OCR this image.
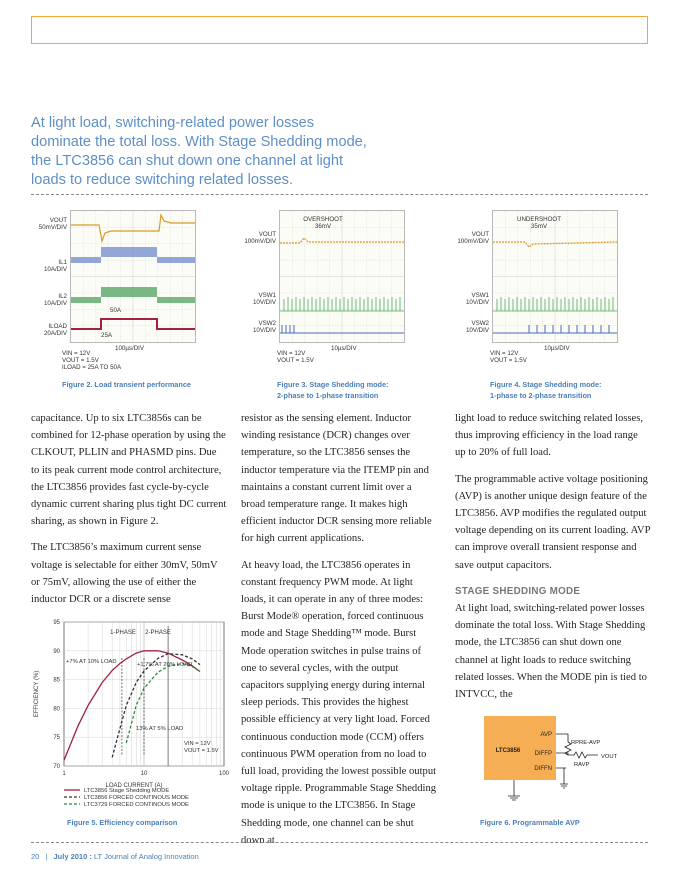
At light load, switching-related power losses dominate the total loss. With Stage Shedding mode, the LTC3856 can shut down one channel at light loads to reduce switching related losses.
VOUT
50mV/DIV
IL1
10A/DIV
IL2
10A/DIV
ILOAD
20A/DIV
50A
25A
100µs/DIV
VIN = 12V
VOUT = 1.5V
ILOAD = 25A TO 50A
Figure 2. Load transient performance
VOUT
100mV/DIV
VSW1
10V/DIV
VSW2
10V/DIV
OVERSHOOT
36mV
10µs/DIV
VIN = 12V
VOUT = 1.5V
Figure 3. Stage Shedding mode:
2-phase to 1-phase transition
VOUT
100mV/DIV
VSW1
10V/DIV
VSW2
10V/DIV
UNDERSHOOT
35mV
10µs/DIV
VIN = 12V
VOUT = 1.5V
Figure 4. Stage Shedding mode:
1-phase to 2-phase transition

capacitance. Up to six LTC3856s can be combined for 12-phase operation by using the CLKOUT, PLLIN and PHASMD pins. Due to its peak current mode control architecture, the LTC3856 provides fast cycle-by-cycle dynamic current sharing plus tight DC current sharing, as shown in Figure 2.

The LTC3856’s maximum current sense voltage is selectable for either 30mV, 50mV or 75mV, allowing the use of either the inductor DCR or a discrete sense

70
75
80
85
90
95
1	10	100
EFFICIENCY (%)
LOAD CURRENT (A)
1-PHASE 2-PHASE
+7% AT 10% LOAD	+1.7% AT 20% LOAD
13% AT 5% LOAD
VIN = 12V
VOUT = 1.5V
LTC3856 Stage Shedding MODE
LTC3856 FORCED CONTINOUS MODE
LTC3729 FORCED CONTINOUS MODE
Figure 5. Efficiency comparison

resistor as the sensing element. Inductor winding resistance (DCR) changes over temperature, so the LTC3856 senses the inductor temperature via the ITEMP pin and maintains a constant current limit over a broad temperature range. It makes high efficient inductor DCR sensing more reliable for high current applications.

At heavy load, the LTC3856 operates in constant frequency PWM mode. At light loads, it can operate in any of three modes: Burst Mode® operation, forced continuous mode and Stage Shedding™ mode. Burst Mode operation switches in pulse trains of one to several cycles, with the output capacitors supplying energy during internal sleep periods. This provides the highest possible efficiency at very light load. Forced continuous conduction mode (CCM) offers continuous PWM operation from no load to full load, providing the lowest possible output voltage ripple. Programmable Stage Shedding mode is unique to the LTC3856. In Stage Shedding mode, one channel can be shut down at

light load to reduce switching related losses, thus improving efficiency in the load range up to 20% of full load.

The programmable active voltage positioning (AVP) is another unique design feature of the LTC3856. AVP modifies the regulated output voltage depending on its current loading. AVP can improve overall transient response and save output capacitors.

STAGE SHEDDING MODE

At light load, switching-related power losses dominate the total loss. With Stage Shedding mode, the LTC3856 can shut down one channel at light loads to reduce switching related losses. When the MODE pin is tied to INTVCC, the

LTC3856
AVP
DIFFP
DIFFN
RPRE-AVP
RAVP
VOUT
Figure 6. Programmable AVP
20 | July 2010 : LT Journal of Analog Innovation
